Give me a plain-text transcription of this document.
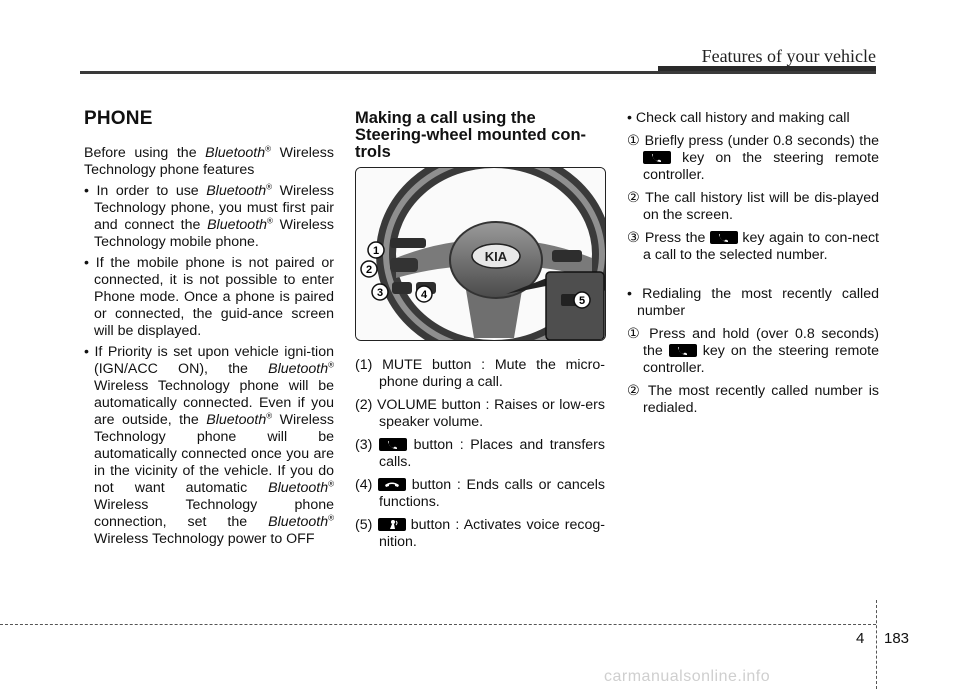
Features of your vehicle
PHONE

Before using the Bluetooth® Wireless Technology phone features

• In order to use Bluetooth® Wireless Technology phone, you must first pair and connect the Bluetooth® Wireless Technology mobile phone.

• If the mobile phone is not paired or connected, it is not possible to enter Phone mode. Once a phone is paired or connected, the guid-ance screen will be displayed.

• If Priority is set upon vehicle igni-tion (IGN/ACC ON), the Bluetooth® Wireless Technology phone will be automatically connected. Even if you are outside, the Bluetooth® Wireless Technology phone will be automatically connected once you are in the vicinity of the vehicle. If you do not want automatic Bluetooth® Wireless Technology phone connection, set the Bluetooth® Wireless Technology power to OFF

Making a call using the Steering-wheel mounted con-trols
KIA
1
2
3	4	5

(1) MUTE button : Mute the micro-phone during a call.

(2) VOLUME button : Raises or low-ers speaker volume.

(3)
button : Places and transfers calls.

(4)
button : Ends calls or cancels functions.

(5)
button : Activates voice recog-nition.

• Check call history and making call

① Briefly press (under 0.8 seconds) the
key on the steering remote controller.

② The call history list will be dis-played on the screen.

③ Press the
key again to con-nect a call to the selected number.

• Redialing the most recently called number

① Press and hold (over 0.8 seconds) the
key on the steering remote controller.

② The most recently called number is redialed.

4 183
carmanualsonline.info
